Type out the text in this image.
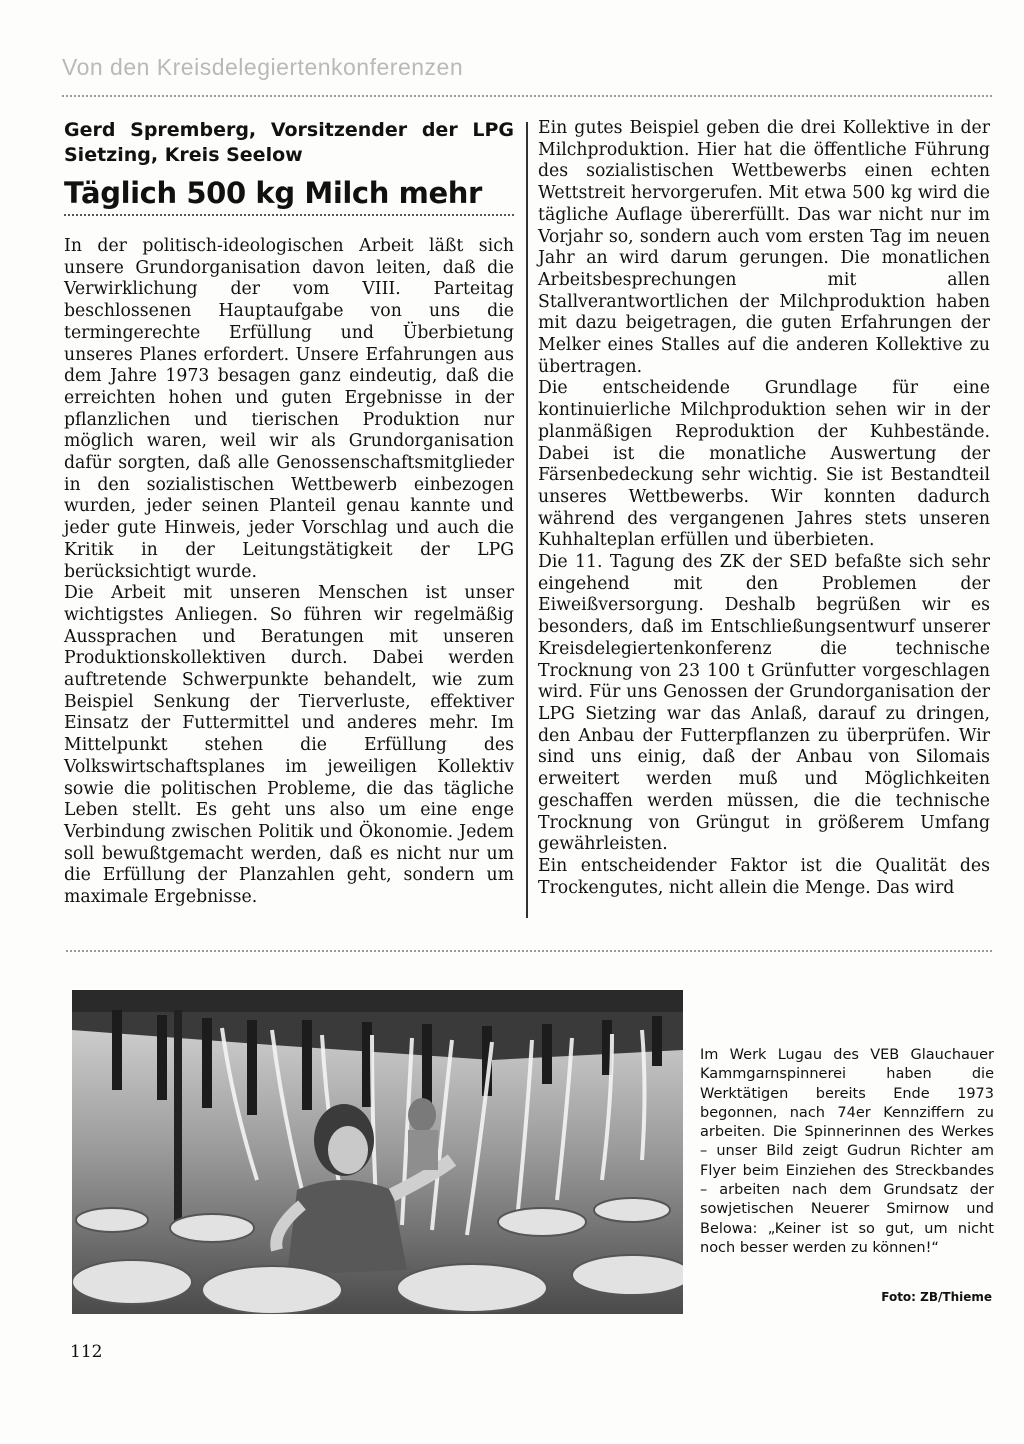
Von den Kreisdelegiertenkonferenzen
Gerd Spremberg, Vorsitzender der LPG Sietzing, Kreis Seelow
Täglich 500 kg Milch mehr

In der politisch-ideologischen Arbeit läßt sich unsere Grundorganisation davon leiten, daß die Verwirklichung der vom VIII. Parteitag beschlossenen Hauptaufgabe von uns die termingerechte Erfüllung und Überbietung unseres Planes erfordert. Unsere Erfahrungen aus dem Jahre 1973 besagen ganz eindeutig, daß die erreichten hohen und guten Ergebnisse in der pflanzlichen und tierischen Produktion nur möglich waren, weil wir als Grundorganisation dafür sorgten, daß alle Genossenschaftsmitglieder in den sozialistischen Wettbewerb einbezogen wurden, jeder seinen Planteil genau kannte und jeder gute Hinweis, jeder Vorschlag und auch die Kritik in der Leitungstätigkeit der LPG berücksichtigt wurde.

Die Arbeit mit unseren Menschen ist unser wichtigstes Anliegen. So führen wir regelmäßig Aussprachen und Beratungen mit unseren Produktionskollektiven durch. Dabei werden auftretende Schwerpunkte behandelt, wie zum Beispiel Senkung der Tierverluste, effektiver Einsatz der Futtermittel und anderes mehr. Im Mittelpunkt stehen die Erfüllung des Volkswirtschaftsplanes im jeweiligen Kollektiv sowie die politischen Probleme, die das tägliche Leben stellt. Es geht uns also um eine enge Verbindung zwischen Politik und Ökonomie. Jedem soll bewußtgemacht werden, daß es nicht nur um die Erfüllung der Planzahlen geht, sondern um maximale Ergebnisse.

Ein gutes Beispiel geben die drei Kollektive in der Milchproduktion. Hier hat die öffentliche Führung des sozialistischen Wettbewerbs einen echten Wettstreit hervorgerufen. Mit etwa 500 kg wird die tägliche Auflage übererfüllt. Das war nicht nur im Vorjahr so, sondern auch vom ersten Tag im neuen Jahr an wird darum gerungen. Die monatlichen Arbeitsbesprechungen mit allen Stallverantwortlichen der Milchproduktion haben mit dazu beigetragen, die guten Erfahrungen der Melker eines Stalles auf die anderen Kollektive zu übertragen.

Die entscheidende Grundlage für eine kontinuierliche Milchproduktion sehen wir in der planmäßigen Reproduktion der Kuhbestände. Dabei ist die monatliche Auswertung der Färsenbedeckung sehr wichtig. Sie ist Bestandteil unseres Wettbewerbs. Wir konnten dadurch während des vergangenen Jahres stets unseren Kuhhalteplan erfüllen und überbieten.

Die 11. Tagung des ZK der SED befaßte sich sehr eingehend mit den Problemen der Eiweißversorgung. Deshalb begrüßen wir es besonders, daß im Entschließungsentwurf unserer Kreisdelegiertenkonferenz die technische Trocknung von 23 100 t Grünfutter vorgeschlagen wird. Für uns Genossen der Grundorganisation der LPG Sietzing war das Anlaß, darauf zu dringen, den Anbau der Futterpflanzen zu überprüfen. Wir sind uns einig, daß der Anbau von Silomais erweitert werden muß und Möglichkeiten geschaffen werden müssen, die die technische Trocknung von Grüngut in größerem Umfang gewährleisten.

Ein entscheidender Faktor ist die Qualität des Trockengutes, nicht allein die Menge. Das wird

Im Werk Lugau des VEB Glauchauer Kammgarnspinnerei haben die Werktätigen bereits Ende 1973 begonnen, nach 74er Kennziffern zu arbeiten. Die Spinnerinnen des Werkes – unser Bild zeigt Gudrun Richter am Flyer beim Einziehen des Streckbandes – arbeiten nach dem Grundsatz der sowjetischen Neuerer Smirnow und Belowa: „Keiner ist so gut, um nicht noch besser werden zu können!“
Foto: ZB/Thieme
112
